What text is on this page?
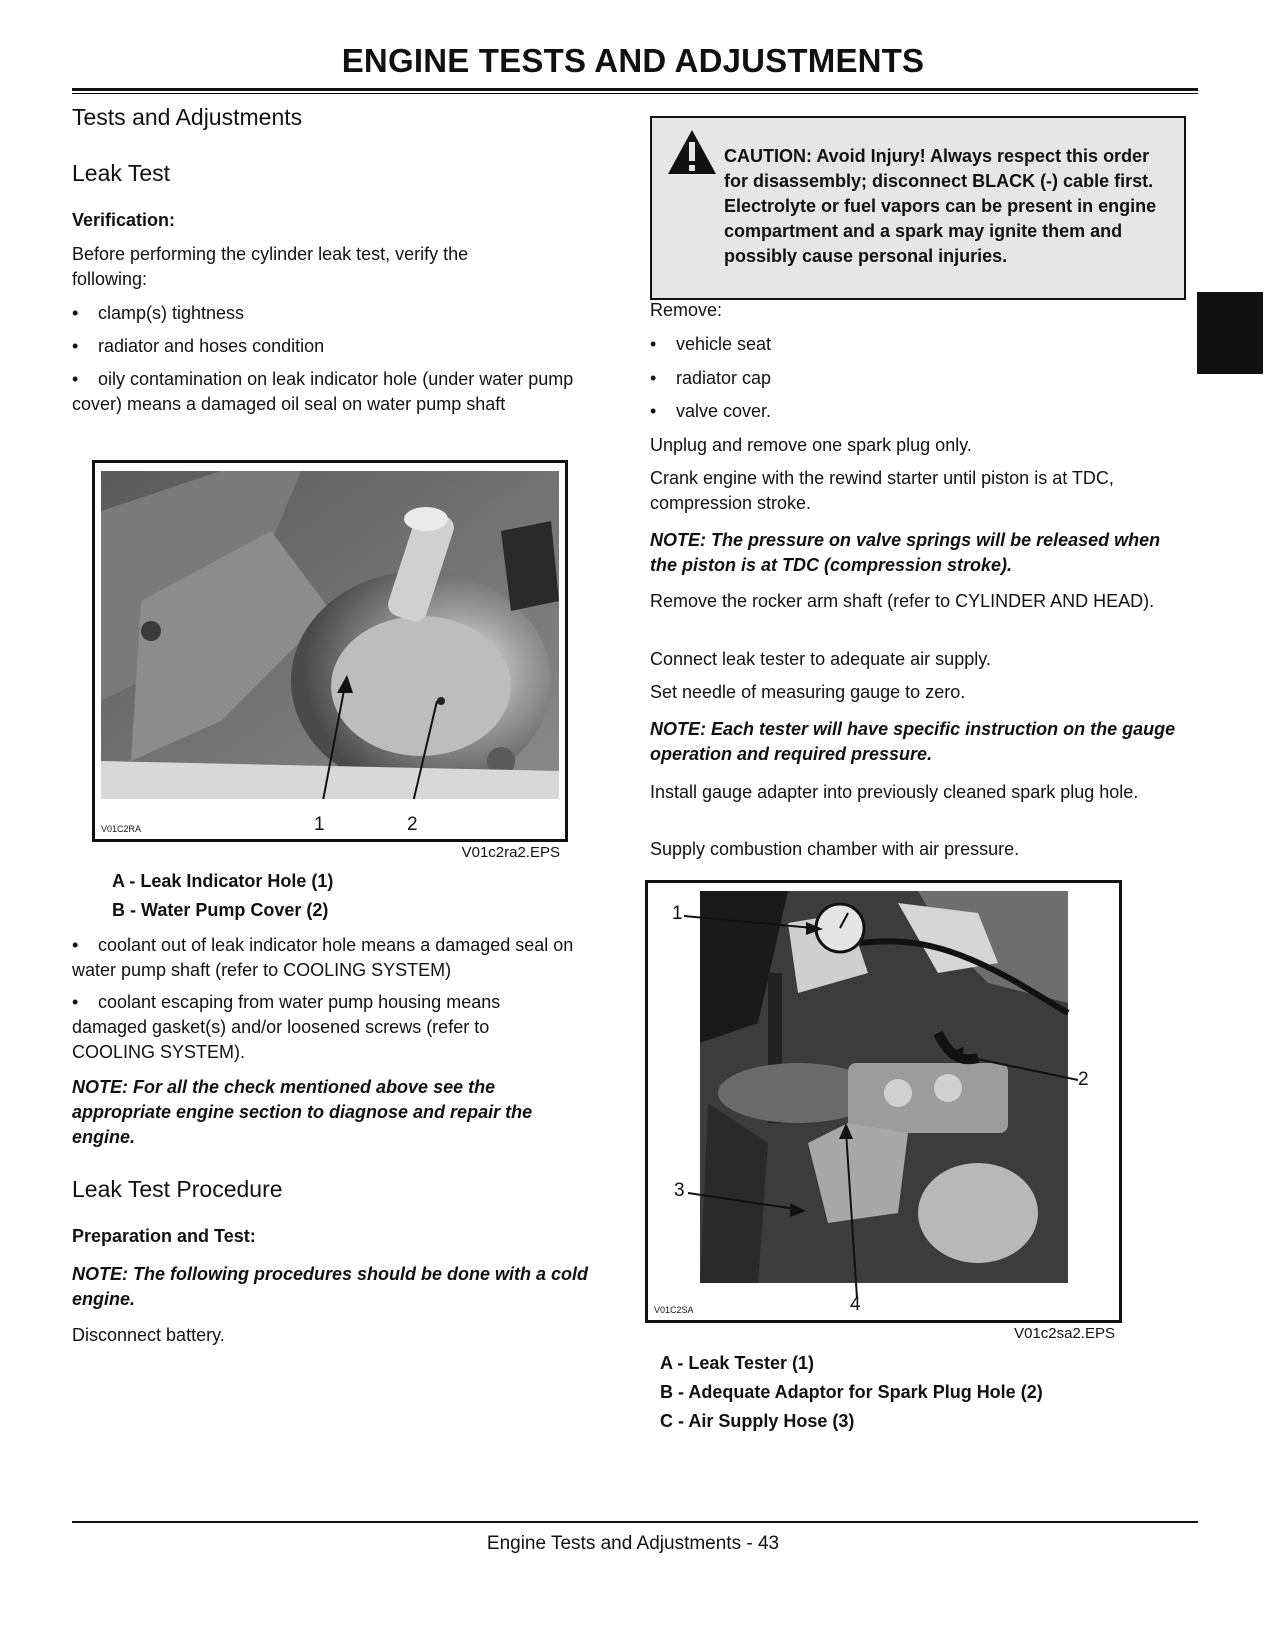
ENGINE TESTS AND ADJUSTMENTS
Tests and Adjustments
Leak Test
Verification:
Before performing the cylinder leak test, verify the following:
• clamp(s) tightness
• radiator and hoses condition
• oily contamination on leak indicator hole (under water pump cover) means a damaged oil seal on water pump shaft
V01C2RA	1	2
V01c2ra2.EPS
A - Leak Indicator Hole (1)
B - Water Pump Cover (2)
• coolant out of leak indicator hole means a damaged seal on water pump shaft (refer to COOLING SYSTEM)
• coolant escaping from water pump housing means damaged gasket(s) and/or loosened screws (refer to COOLING SYSTEM).
NOTE: For all the check mentioned above see the appropriate engine section to diagnose and repair the engine.
Leak Test Procedure
Preparation and Test:
NOTE: The following procedures should be done with a cold engine.
Disconnect battery.
CAUTION: Avoid Injury! Always respect this order for disassembly; disconnect BLACK (-) cable first. Electrolyte or fuel vapors can be present in engine compartment and a spark may ignite them and possibly cause personal injuries.
Remove:
• vehicle seat
• radiator cap
• valve cover.
Unplug and remove one spark plug only.
Crank engine with the rewind starter until piston is at TDC, compression stroke.
NOTE: The pressure on valve springs will be released when the piston is at TDC (compression stroke).
Remove the rocker arm shaft (refer to CYLINDER AND HEAD).
Connect leak tester to adequate air supply.
Set needle of measuring gauge to zero.
NOTE: Each tester will have specific instruction on the gauge operation and required pressure.
Install gauge adapter into previously cleaned spark plug hole.
Supply combustion chamber with air pressure.
1
2
3
4
V01C2SA
V01c2sa2.EPS
A - Leak Tester (1)
B - Adequate Adaptor for Spark Plug Hole (2)
C - Air Supply Hose (3)
Engine Tests and Adjustments - 43
